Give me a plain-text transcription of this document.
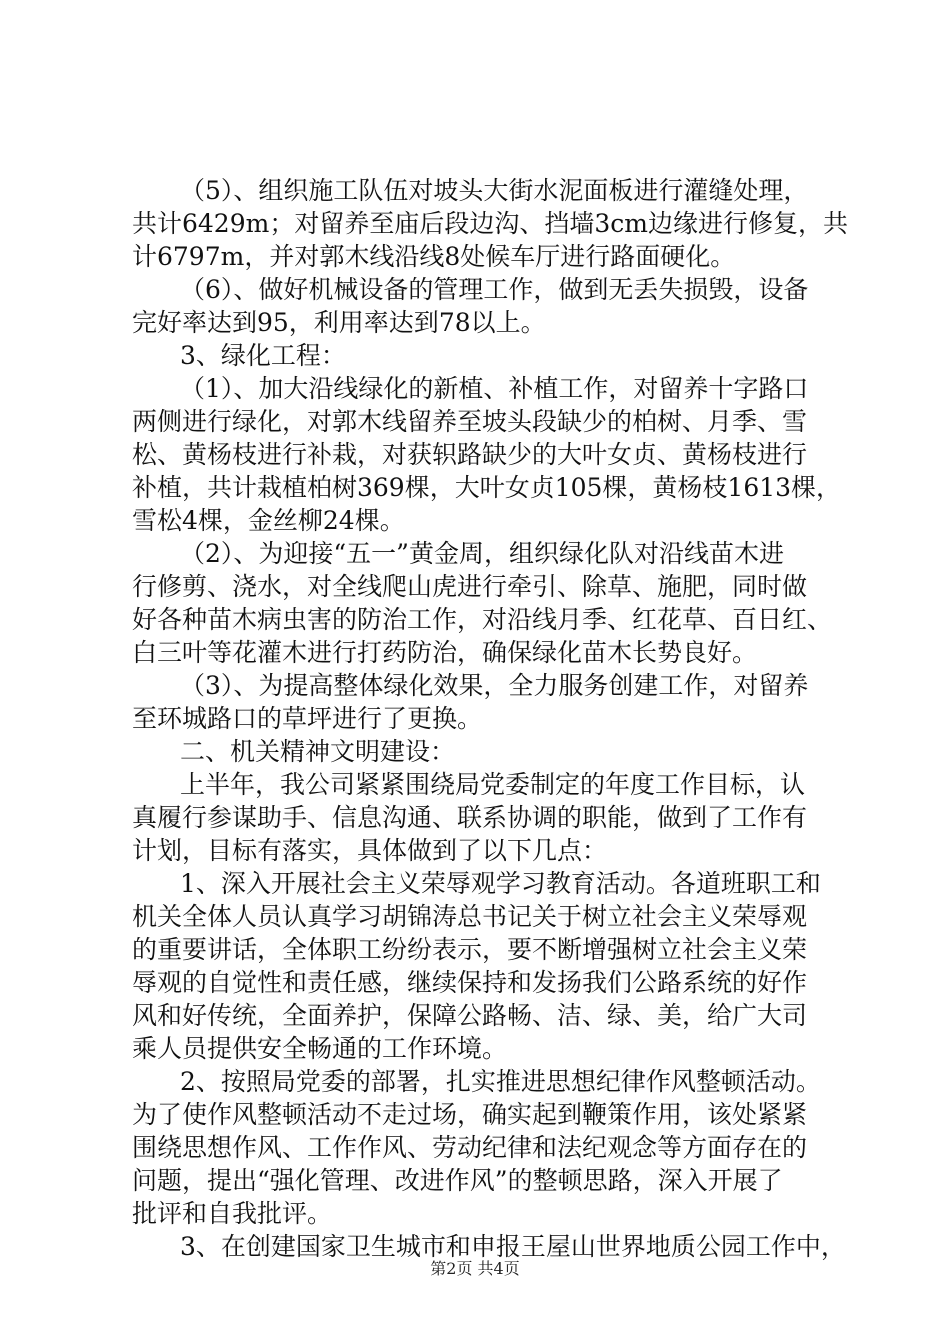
（5）、组织施工队伍对坡头大街水泥面板进行灌缝处理，
共计6429m；对留养至庙后段边沟、挡墙3cm边缘进行修复，共
计6797m，并对郭木线沿线8处候车厅进行路面硬化。
（6）、做好机械设备的管理工作，做到无丢失损毁，设备
完好率达到95，利用率达到78以上。
3、绿化工程：
（1）、加大沿线绿化的新植、补植工作，对留养十字路口
两侧进行绿化，对郭木线留养至坡头段缺少的柏树、月季、雪
松、黄杨枝进行补栽，对获轵路缺少的大叶女贞、黄杨枝进行
补植，共计栽植柏树369棵，大叶女贞105棵，黄杨枝1613棵，
雪松4棵，金丝柳24棵。
（2）、为迎接“五一”黄金周，组织绿化队对沿线苗木进
行修剪、浇水，对全线爬山虎进行牵引、除草、施肥，同时做
好各种苗木病虫害的防治工作，对沿线月季、红花草、百日红、
白三叶等花灌木进行打药防治，确保绿化苗木长势良好。
（3）、为提高整体绿化效果，全力服务创建工作，对留养
至环城路口的草坪进行了更换。
二、机关精神文明建设：
上半年，我公司紧紧围绕局党委制定的年度工作目标，认
真履行参谋助手、信息沟通、联系协调的职能，做到了工作有
计划，目标有落实，具体做到了以下几点：
1、深入开展社会主义荣辱观学习教育活动。各道班职工和
机关全体人员认真学习胡锦涛总书记关于树立社会主义荣辱观
的重要讲话，全体职工纷纷表示，要不断增强树立社会主义荣
辱观的自觉性和责任感，继续保持和发扬我们公路系统的好作
风和好传统，全面养护，保障公路畅、洁、绿、美，给广大司
乘人员提供安全畅通的工作环境。
2、按照局党委的部署，扎实推进思想纪律作风整顿活动。
为了使作风整顿活动不走过场，确实起到鞭策作用，该处紧紧
围绕思想作风、工作作风、劳动纪律和法纪观念等方面存在的
问题，提出“强化管理、改进作风”的整顿思路，深入开展了
批评和自我批评。
3、在创建国家卫生城市和申报王屋山世界地质公园工作中，
第2页 共4页
